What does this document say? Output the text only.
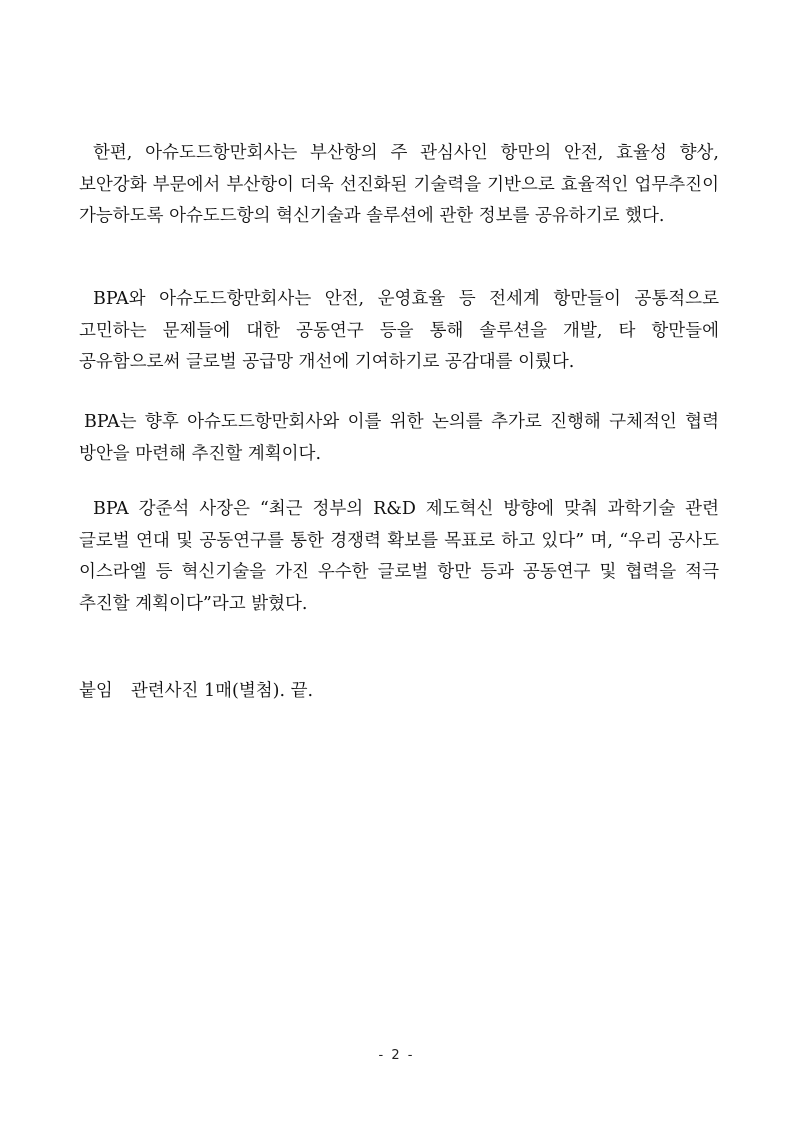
한편, 아슈도드항만회사는 부산항의 주 관심사인 항만의 안전, 효율성 향상, 보안강화 부문에서 부산항이 더욱 선진화된 기술력을 기반으로 효율적인 업무추진이 가능하도록 아슈도드항의 혁신기술과 솔루션에 관한 정보를 공유하기로 했다.

BPA와 아슈도드항만회사는 안전, 운영효율 등 전세계 항만들이 공통적으로 고민하는 문제들에 대한 공동연구 등을 통해 솔루션을 개발, 타 항만들에 공유함으로써 글로벌 공급망 개선에 기여하기로 공감대를 이뤘다.

BPA는 향후 아슈도드항만회사와 이를 위한 논의를 추가로 진행해 구체적인 협력 방안을 마련해 추진할 계획이다.

BPA 강준석 사장은 “최근 정부의 R&D 제도혁신 방향에 맞춰 과학기술 관련 글로벌 연대 및 공동연구를 통한 경쟁력 확보를 목표로 하고 있다” 며, “우리 공사도 이스라엘 등 혁신기술을 가진 우수한 글로벌 항만 등과 공동연구 및 협력을 적극 추진할 계획이다”라고 밝혔다.

붙임 관련사진 1매(별첨). 끝.

- 2 -
